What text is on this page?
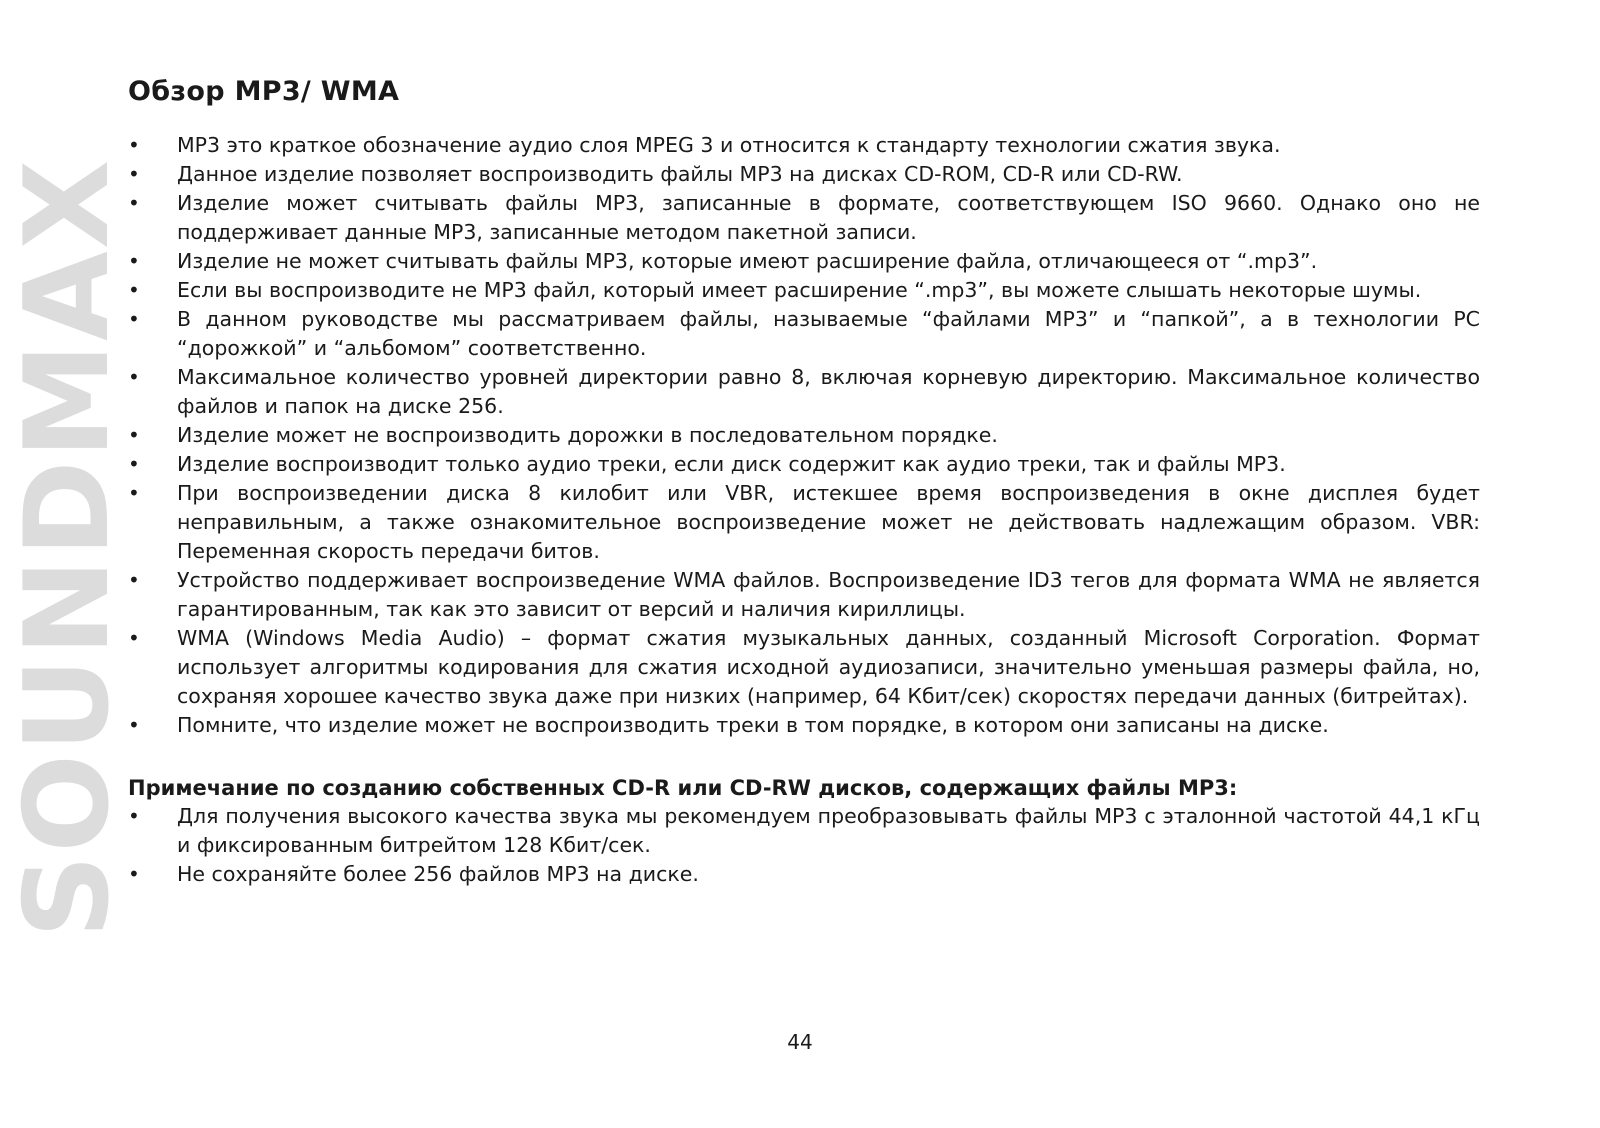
SOUNDMAX
Обзор MP3/ WMA
• MP3 это краткое обозначение аудио слоя MPEG 3 и относится к стандарту технологии сжатия звука.
• Данное изделие позволяет воспроизводить файлы MP3 на дисках CD-ROM, CD-R или CD-RW.
• Изделие может считывать файлы MP3, записанные в формате, соответствующем ISO 9660. Однако оно не поддерживает данные MP3, записанные методом пакетной записи.
• Изделие не может считывать файлы MP3, которые имеют расширение файла, отличающееся от “.mp3”.
• Если вы воспроизводите не MP3 файл, который имеет расширение “.mp3”, вы можете слышать некоторые шумы.
• В данном руководстве мы рассматриваем файлы, называемые “файлами MP3” и “папкой”, а в технологии PC “дорожкой” и “альбомом” соответственно.
• Максимальное количество уровней директории равно 8, включая корневую директорию. Максимальное количество файлов и папок на диске 256.
• Изделие может не воспроизводить дорожки в последовательном порядке.
• Изделие воспроизводит только аудио треки, если диск содержит как аудио треки, так и файлы MP3.
• При воспроизведении диска 8 килобит или VBR, истекшее время воспроизведения в окне дисплея будет неправильным, а также ознакомительное воспроизведение может не действовать надлежащим образом. VBR: Переменная скорость передачи битов.
• Устройство поддерживает воспроизведение WMA файлов. Воспроизведение ID3 тегов для формата WMA не является гарантированным, так как это зависит от версий и наличия кириллицы.
• WMA (Windows Media Audio) – формат сжатия музыкальных данных, созданный Microsoft Corporation. Формат использует алгоритмы кодирования для сжатия исходной аудиозаписи, значительно уменьшая размеры файла, но, сохраняя хорошее качество звука даже при низких (например, 64 Кбит/сек) скоростях передачи данных (битрейтах).
• Помните, что изделие может не воспроизводить треки в том порядке, в котором они записаны на диске.
Примечание по созданию собственных CD-R или CD-RW дисков, содержащих файлы MP3:
• Для получения высокого качества звука мы рекомендуем преобразовывать файлы MP3 с эталонной частотой 44,1 кГц и фиксированным битрейтом 128 Кбит/сек.
• Не сохраняйте более 256 файлов MP3 на диске.
44
